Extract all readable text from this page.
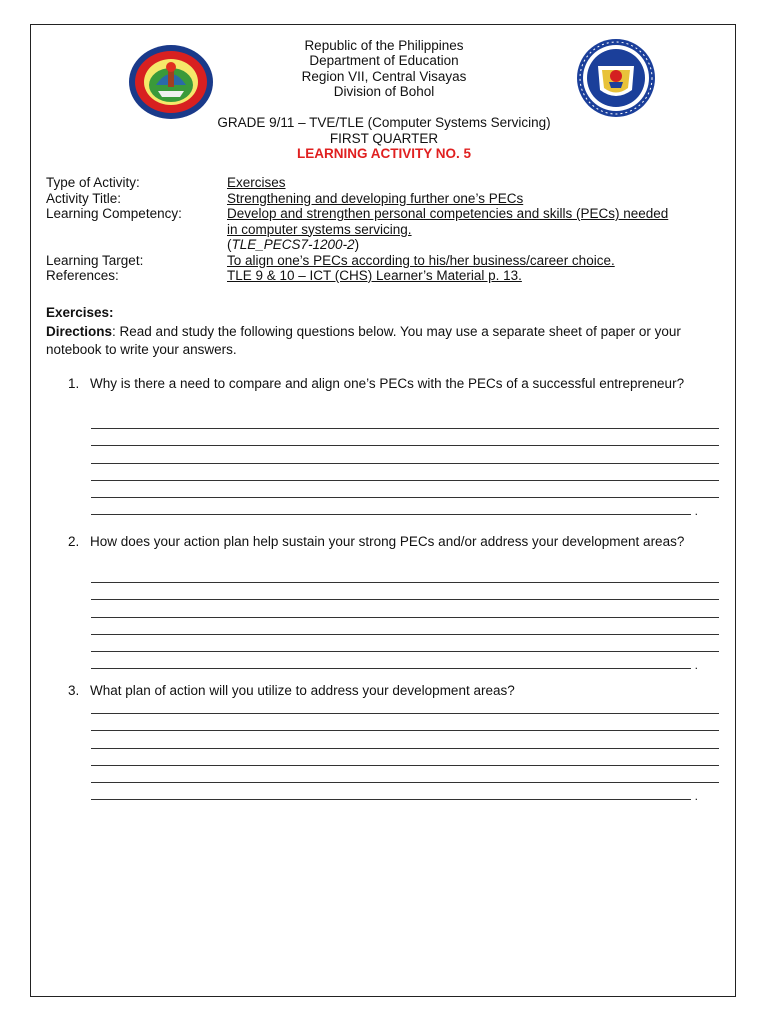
Republic of the Philippines
Department of Education
Region VII, Central Visayas
Division of Bohol
GRADE 9/11 – TVE/TLE (Computer Systems Servicing)
FIRST QUARTER
LEARNING ACTIVITY NO. 5
Type of Activity:	Exercises
Activity Title:	Strengthening and developing further one’s PECs
Learning Competency:	Develop and strengthen personal competencies and skills (PECs) needed
in computer systems servicing.
(TLE_PECS7-1200-2)
Learning Target:	To align one’s PECs according to his/her business/career choice.
References:	TLE 9 & 10 – ICT (CHS) Learner’s Material p. 13.
Exercises:
Directions: Read and study the following questions below. You may use a separate sheet of paper or your notebook to write your answers.
1. Why is there a need to compare and align one’s PECs with the PECs of a successful entrepreneur?
.
2. How does your action plan help sustain your strong PECs and/or address your development areas?
.
3. What plan of action will you utilize to address your development areas?
.
